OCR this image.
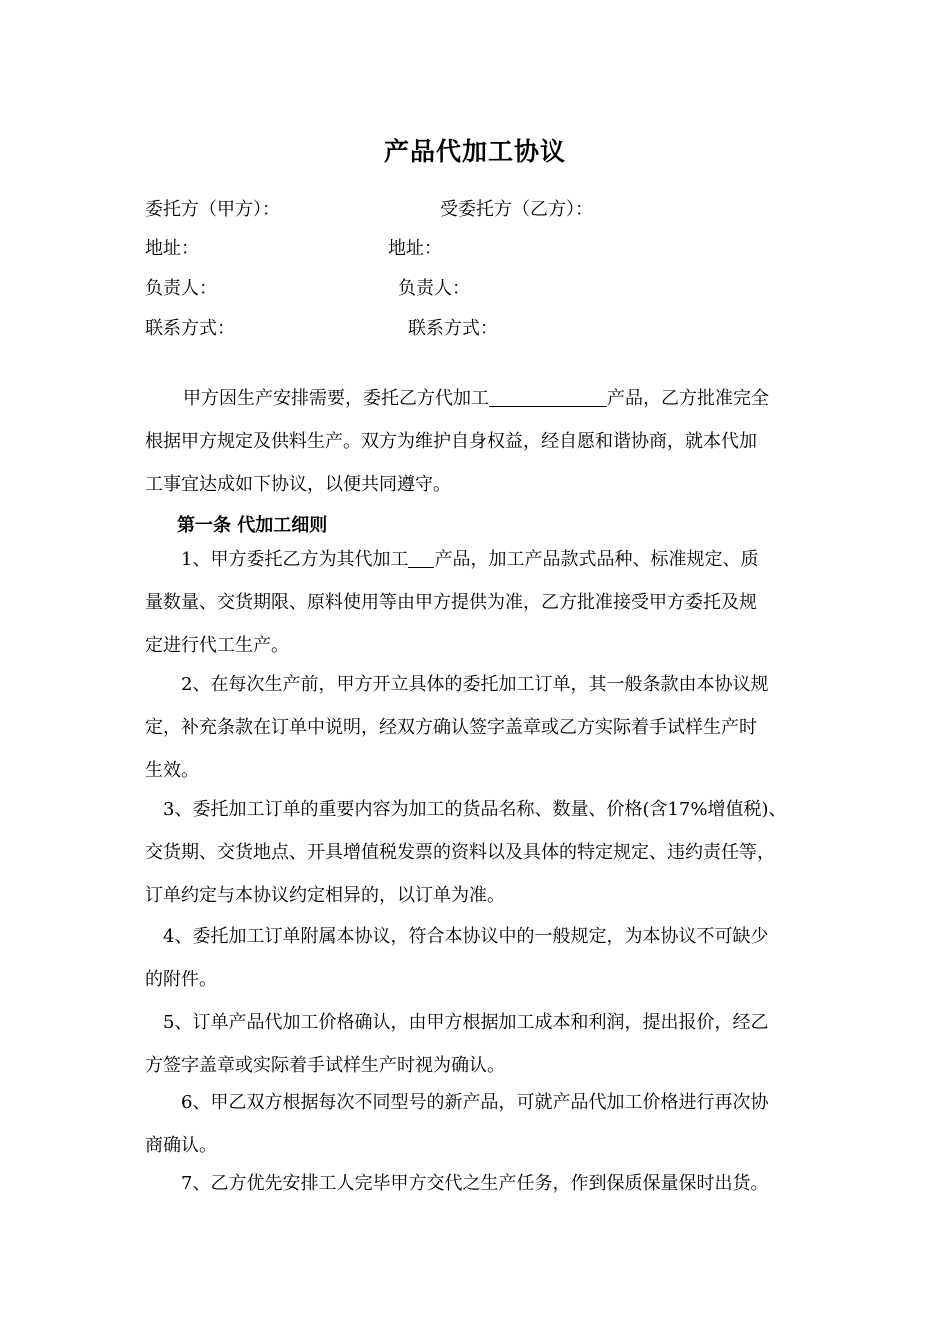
产品代加工协议
委托方（甲方）：	受委托方（乙方）：
地址：	地址：
负责人：	负责人：
联系方式：	联系方式：
甲方因生产安排需要，委托乙方代加工	产品，乙方批准完全
根据甲方规定及供料生产。双方为维护自身权益，经自愿和谐协商，就本代加
工事宜达成如下协议，以便共同遵守。
第一条 代加工细则
1、甲方委托乙方为其代加工 产品，加工产品款式品种、标准规定、质
量数量、交货期限、原料使用等由甲方提供为准，乙方批准接受甲方委托及规
定进行代工生产。
2、在每次生产前，甲方开立具体的委托加工订单，其一般条款由本协议规
定，补充条款在订单中说明，经双方确认签字盖章或乙方实际着手试样生产时
生效。
3、委托加工订单的重要内容为加工的货品名称、数量、价格(含17%增值税)、
交货期、交货地点、开具增值税发票的资料以及具体的特定规定、违约责任等，
订单约定与本协议约定相异的，以订单为准。
4、委托加工订单附属本协议，符合本协议中的一般规定，为本协议不可缺少
的附件。
5、订单产品代加工价格确认，由甲方根据加工成本和利润，提出报价，经乙
方签字盖章或实际着手试样生产时视为确认。
6、甲乙双方根据每次不同型号的新产品，可就产品代加工价格进行再次协
商确认。
7、乙方优先安排工人完毕甲方交代之生产任务，作到保质保量保时出货。
